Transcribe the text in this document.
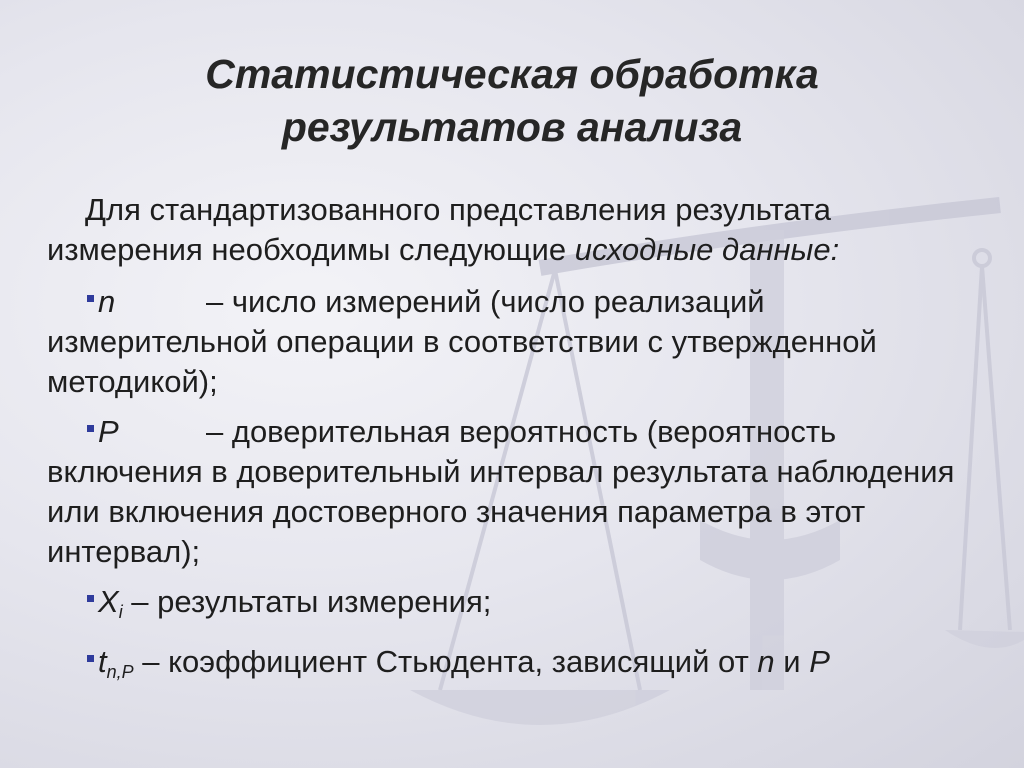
Статистическая обработка
результатов анализа

Для стандартизованного представления результата измерения необходимы следующие исходные данные:

n	– число измерений (число реализаций измерительной операции в соответствии с утвержденной методикой);

P	– доверительная вероятность (вероятность включения в доверительный интервал результата наблюдения или включения достоверного значения параметра в этот интервал);

$X_i$ – результаты измерения;

$t_{n,P}$ – коэффициент Стьюдента, зависящий от n и P
